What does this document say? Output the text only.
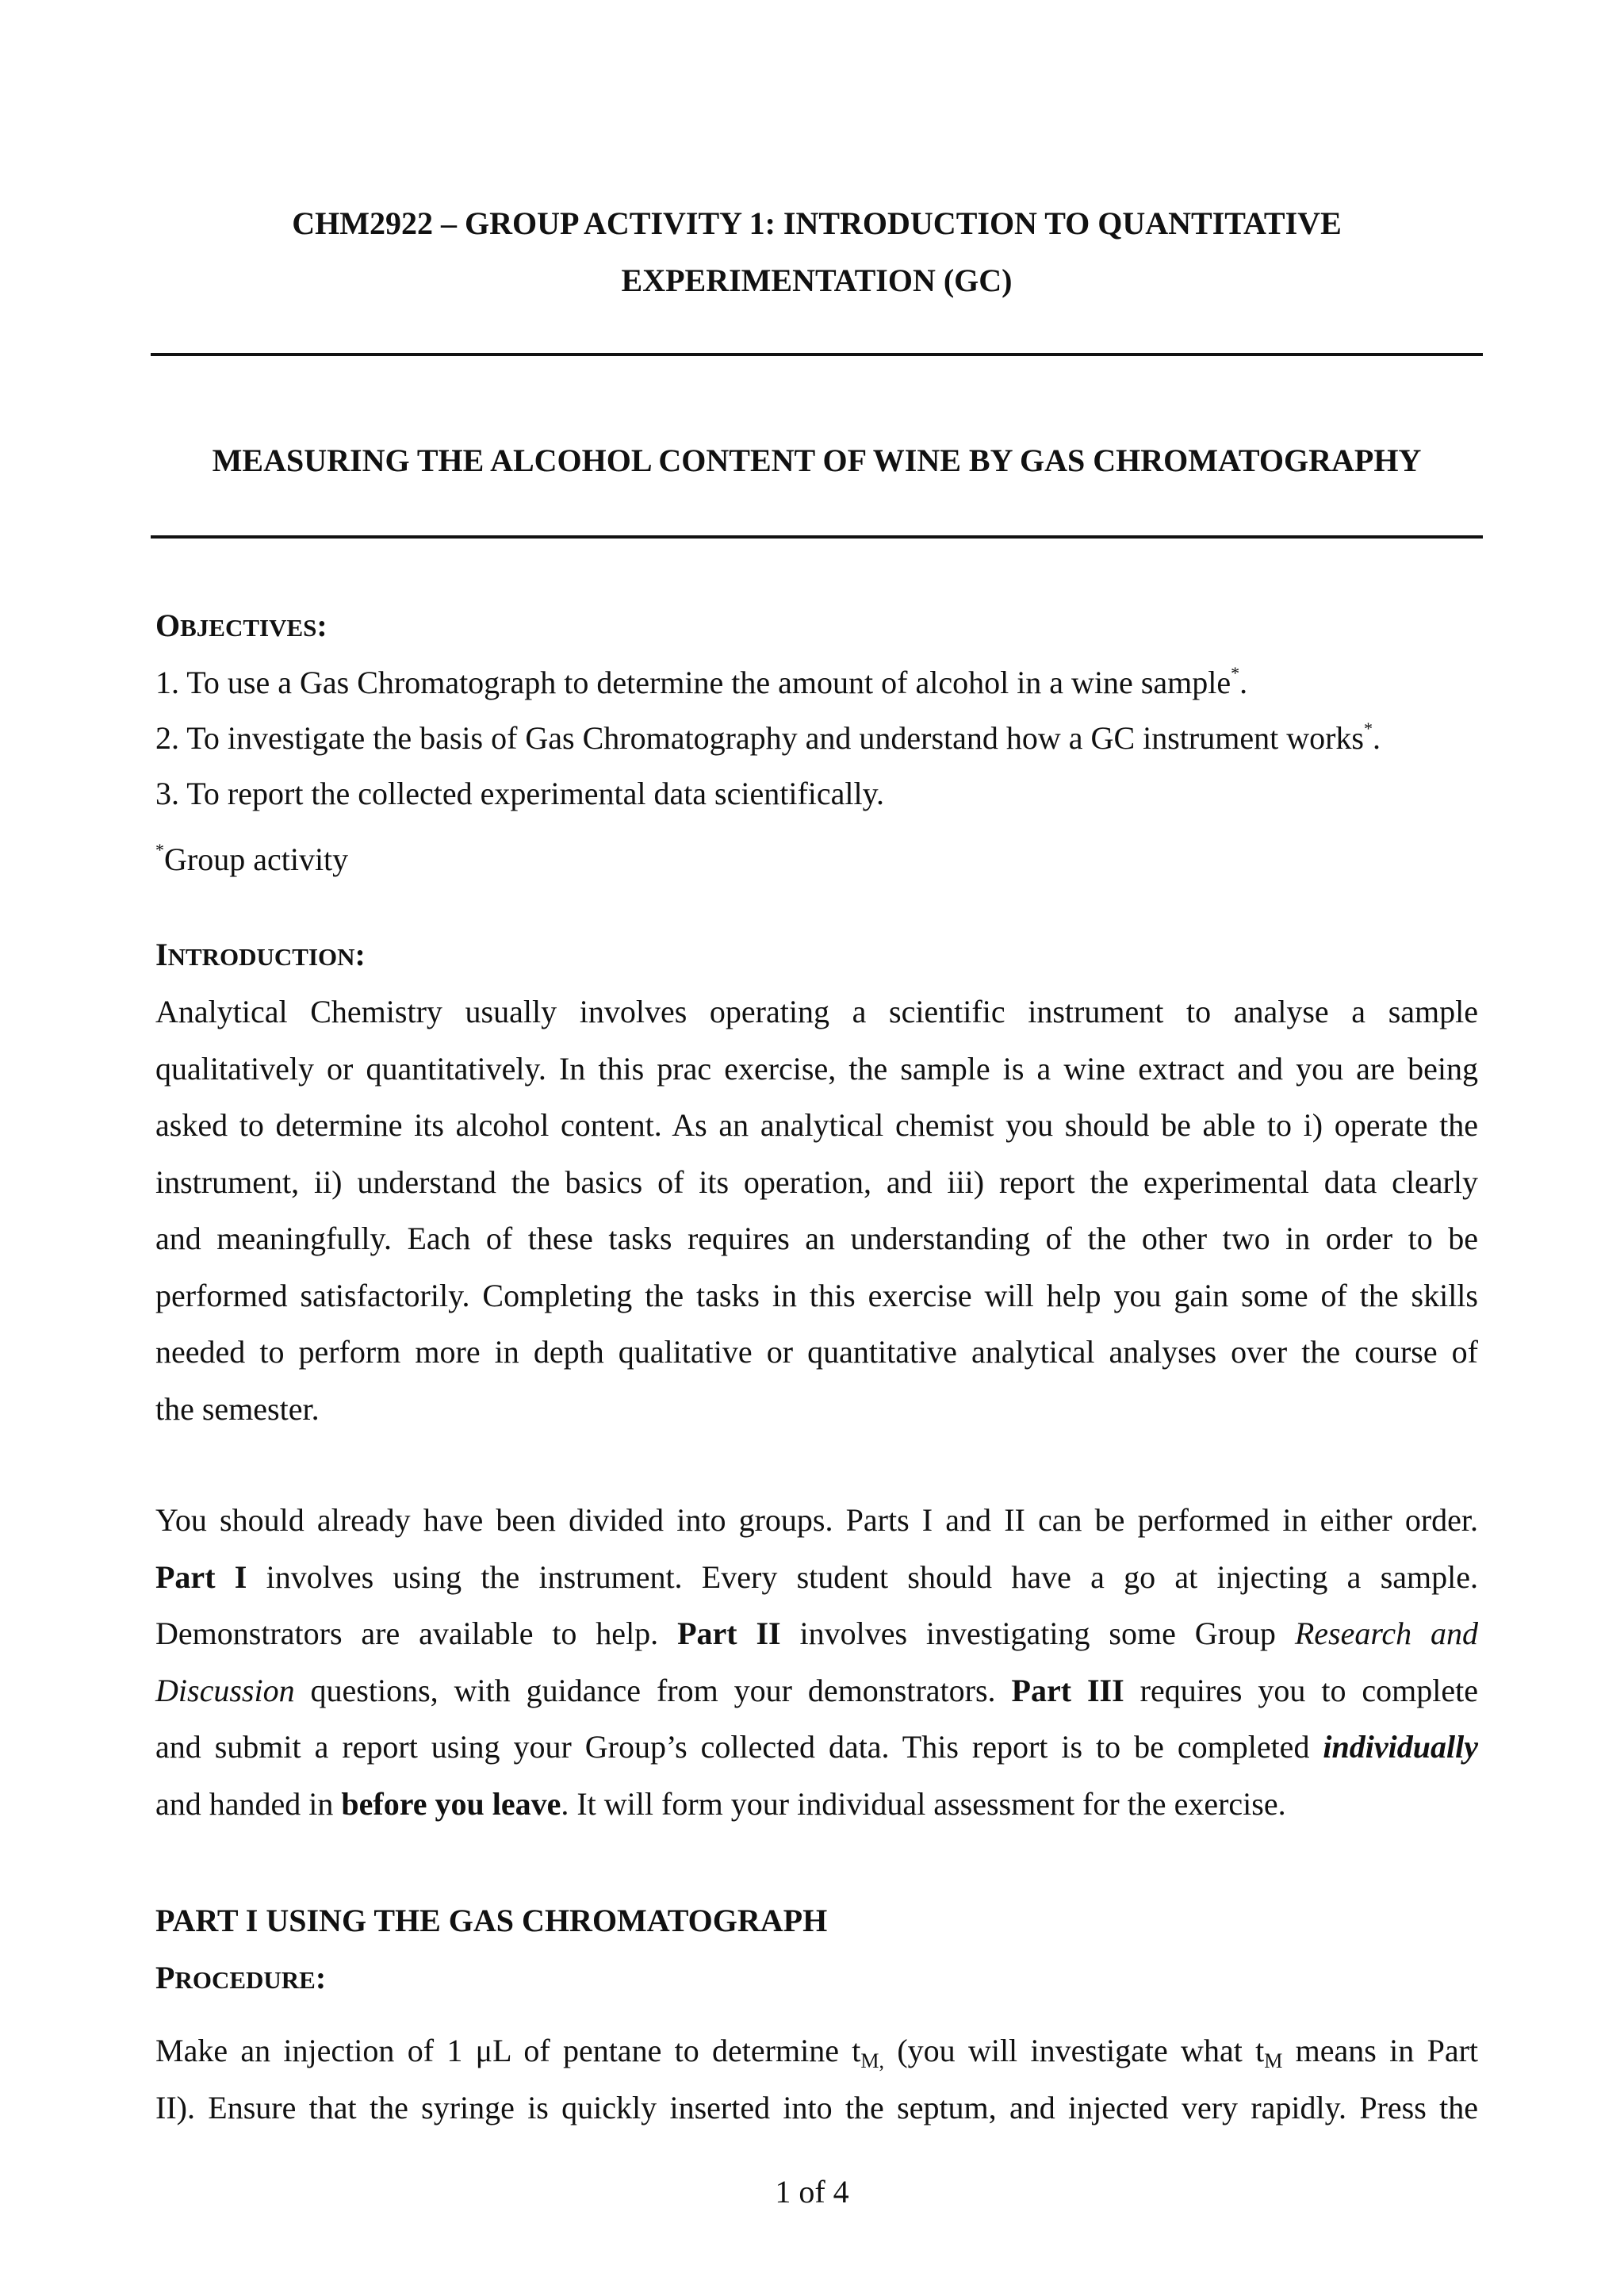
CHM2922 – GROUP ACTIVITY 1: INTRODUCTION TO QUANTITATIVE
EXPERIMENTATION (GC)
MEASURING THE ALCOHOL CONTENT OF WINE BY GAS CHROMATOGRAPHY
OBJECTIVES:
1. To use a Gas Chromatograph to determine the amount of alcohol in a wine sample*.
2. To investigate the basis of Gas Chromatography and understand how a GC instrument works*.
3. To report the collected experimental data scientifically.
*Group activity
INTRODUCTION:
Analytical Chemistry usually involves operating a scientific instrument to analyse a sample
qualitatively or quantitatively. In this prac exercise, the sample is a wine extract and you are being
asked to determine its alcohol content. As an analytical chemist you should be able to i) operate the
instrument, ii) understand the basics of its operation, and iii) report the experimental data clearly
and meaningfully. Each of these tasks requires an understanding of the other two in order to be
performed satisfactorily. Completing the tasks in this exercise will help you gain some of the skills
needed to perform more in depth qualitative or quantitative analytical analyses over the course of
the semester.
You should already have been divided into groups. Parts I and II can be performed in either order.
Part I involves using the instrument. Every student should have a go at injecting a sample.
Demonstrators are available to help. Part II involves investigating some Group Research and
Discussion questions, with guidance from your demonstrators. Part III requires you to complete
and submit a report using your Group’s collected data. This report is to be completed individually
and handed in before you leave. It will form your individual assessment for the exercise.
PART I USING THE GAS CHROMATOGRAPH
PROCEDURE:
Make an injection of 1 μL of pentane to determine $t_{M,}$ (you will investigate what $t_M$ means in Part
II). Ensure that the syringe is quickly inserted into the septum, and injected very rapidly. Press the
1 of 4
